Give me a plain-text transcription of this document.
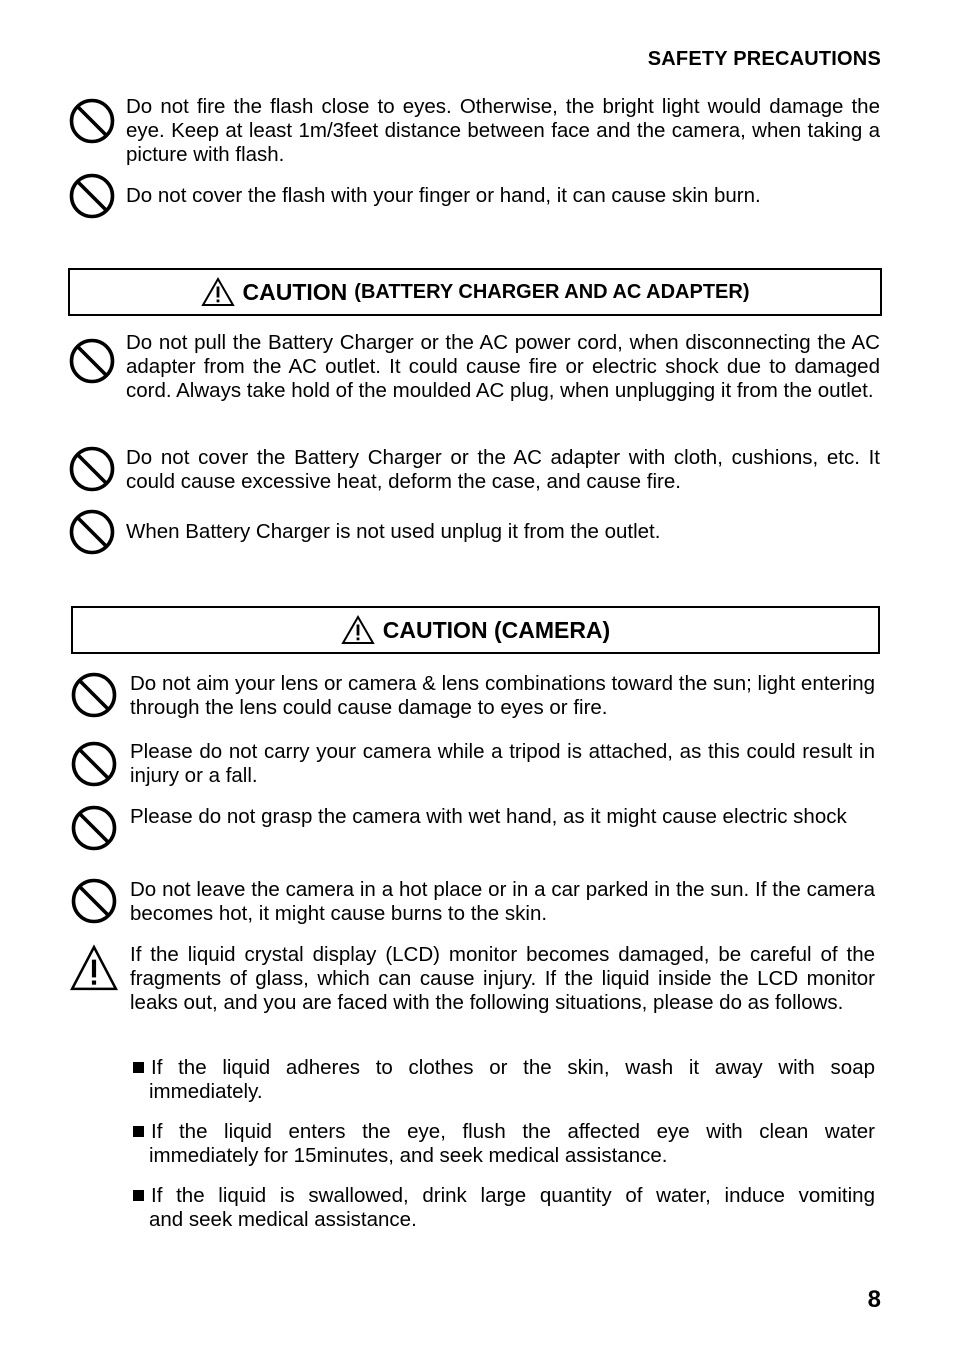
SAFETY PRECAUTIONS
Do not fire the flash close to eyes. Otherwise, the bright light would damage the eye. Keep at least 1m/3feet distance between face and the camera, when taking a picture with flash.
Do not cover the flash with your finger or hand, it can cause skin burn.
CAUTION (BATTERY CHARGER AND AC ADAPTER)
Do not pull the Battery Charger or the AC power cord, when disconnecting the AC adapter from the AC outlet. It could cause fire or electric shock due to damaged cord. Always take hold of the moulded AC plug, when unplugging it from the outlet.
Do not cover the Battery Charger or the AC adapter with cloth, cushions, etc. It could cause excessive heat, deform the case, and cause fire.
When Battery Charger is not used unplug it from the outlet.
CAUTION (CAMERA)
Do not aim your lens or camera & lens combinations toward the sun; light entering through the lens could cause damage to eyes or fire.
Please do not carry your camera while a tripod is attached, as this could result in injury or a fall.
Please do not grasp the camera with wet hand, as it might cause electric shock
Do not leave the camera in a hot place or in a car parked in the sun. If the camera becomes hot, it might cause burns to the skin.
If the liquid crystal display (LCD) monitor becomes damaged, be careful of the fragments of glass, which can cause injury. If the liquid inside the LCD monitor leaks out, and you are faced with the following situations, please do as follows.
If the liquid adheres to clothes or the skin, wash it away with soap
immediately.
If the liquid enters the eye, flush the affected eye with clean water
immediately for 15minutes, and seek medical assistance.
If the liquid is swallowed, drink large quantity of water, induce vomiting
and seek medical assistance.
8
